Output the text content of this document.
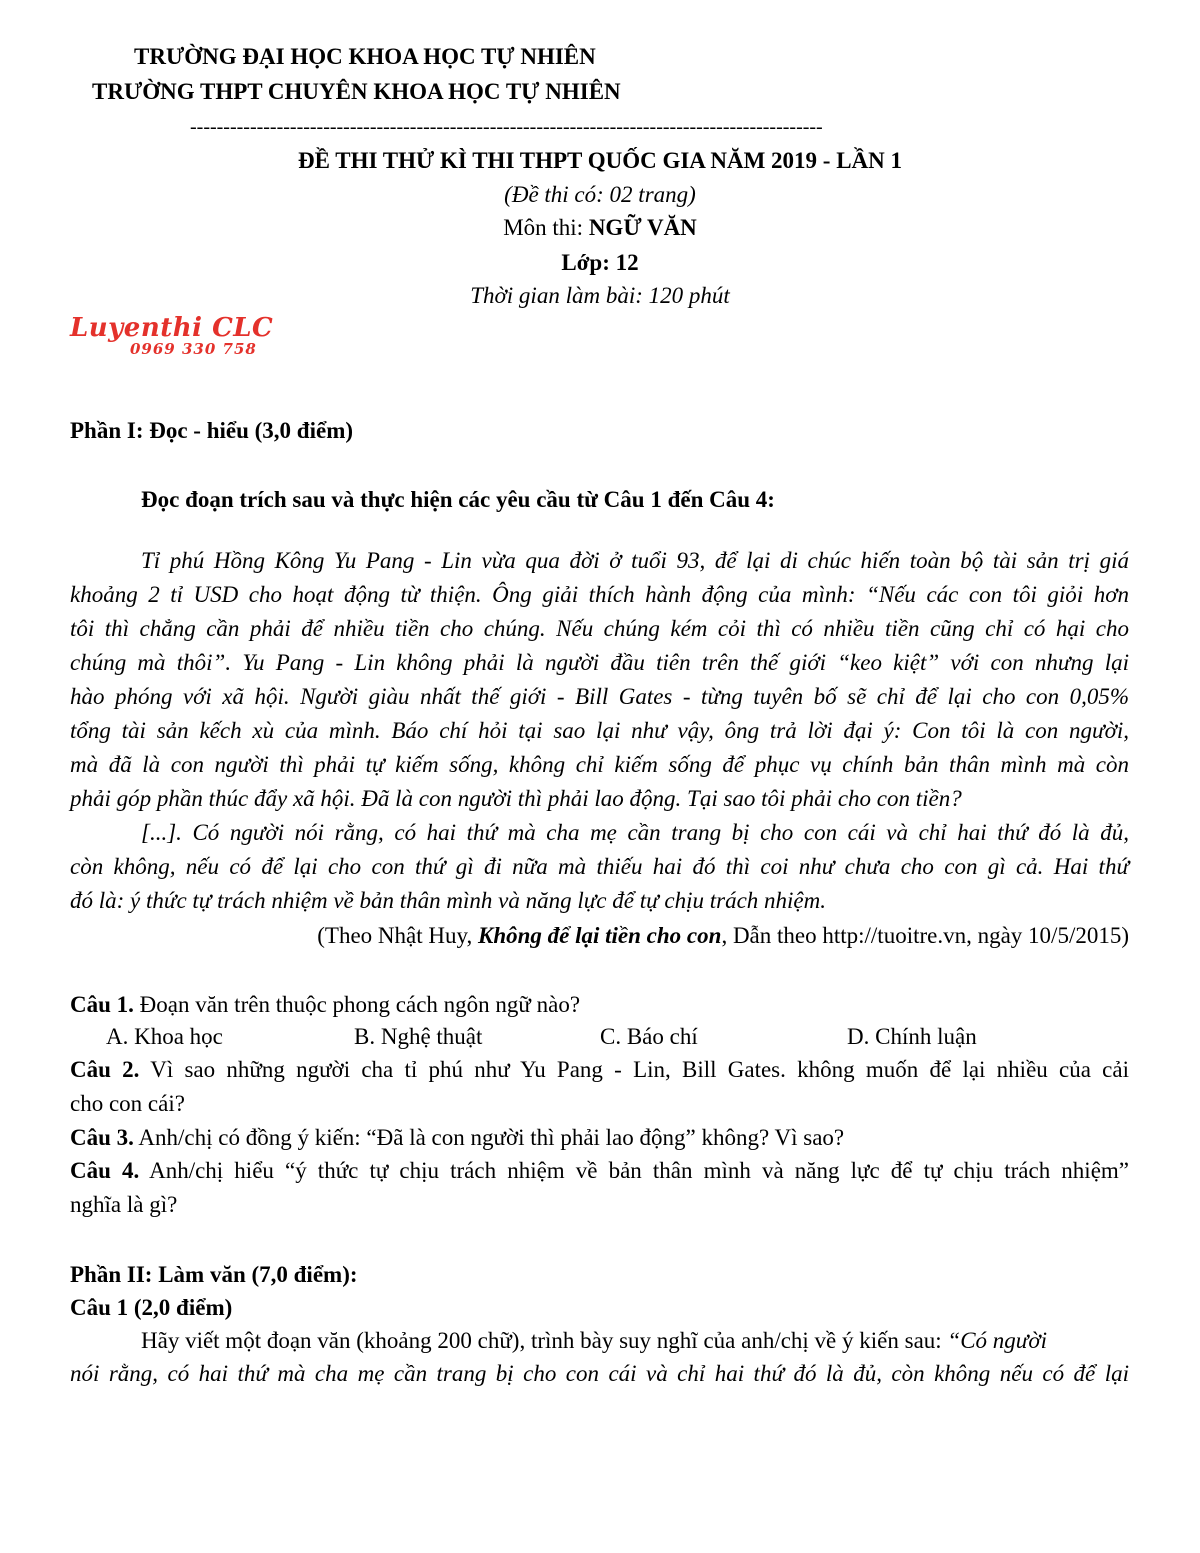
TRƯỜNG ĐẠI HỌC KHOA HỌC TỰ NHIÊN
TRƯỜNG THPT CHUYÊN KHOA HỌC TỰ NHIÊN
-----------------------------------------------------------------------------------------------
ĐỀ THI THỬ KÌ THI THPT QUỐC GIA NĂM 2019 - LẦN 1
(Đề thi có: 02 trang)
Môn thi: NGỮ VĂN
Lớp: 12
Thời gian làm bài: 120 phút
Luyenthi CLC
0969 330 758
Phần I: Đọc - hiểu (3,0 điểm)
Đọc đoạn trích sau và thực hiện các yêu cầu từ Câu 1 đến Câu 4:
Tỉ phú Hồng Kông Yu Pang - Lin vừa qua đời ở tuổi 93, để lại di chúc hiến toàn bộ tài sản trị giá
khoảng 2 tỉ USD cho hoạt động từ thiện. Ông giải thích hành động của mình: “Nếu các con tôi giỏi hơn
tôi thì chẳng cần phải để nhiều tiền cho chúng. Nếu chúng kém cỏi thì có nhiều tiền cũng chỉ có hại cho
chúng mà thôi”. Yu Pang - Lin không phải là người đầu tiên trên thế giới “keo kiệt” với con nhưng lại
hào phóng với xã hội. Người giàu nhất thế giới - Bill Gates - từng tuyên bố sẽ chỉ để lại cho con 0,05%
tổng tài sản kếch xù của mình. Báo chí hỏi tại sao lại như vậy, ông trả lời đại ý: Con tôi là con người,
mà đã là con người thì phải tự kiếm sống, không chỉ kiếm sống để phục vụ chính bản thân mình mà còn
phải góp phần thúc đẩy xã hội. Đã là con người thì phải lao động. Tại sao tôi phải cho con tiền?
[...]. Có người nói rằng, có hai thứ mà cha mẹ cần trang bị cho con cái và chỉ hai thứ đó là đủ,
còn không, nếu có để lại cho con thứ gì đi nữa mà thiếu hai đó thì coi như chưa cho con gì cả. Hai thứ
đó là: ý thức tự trách nhiệm về bản thân mình và năng lực để tự chịu trách nhiệm.
(Theo Nhật Huy, Không để lại tiền cho con, Dẫn theo http://tuoitre.vn, ngày 10/5/2015)
Câu 1. Đoạn văn trên thuộc phong cách ngôn ngữ nào?
A. Khoa học	B. Nghệ thuật	C. Báo chí	D. Chính luận
Câu 2. Vì sao những người cha tỉ phú như Yu Pang - Lin, Bill Gates. không muốn để lại nhiều của cải
cho con cái?
Câu 3. Anh/chị có đồng ý kiến: “Đã là con người thì phải lao động” không? Vì sao?
Câu 4. Anh/chị hiểu “ý thức tự chịu trách nhiệm về bản thân mình và năng lực để tự chịu trách nhiệm”
nghĩa là gì?
Phần II: Làm văn (7,0 điểm):
Câu 1 (2,0 điểm)
Hãy viết một đoạn văn (khoảng 200 chữ), trình bày suy nghĩ của anh/chị về ý kiến sau: “Có người
nói rằng, có hai thứ mà cha mẹ cần trang bị cho con cái và chỉ hai thứ đó là đủ, còn không nếu có để lại
